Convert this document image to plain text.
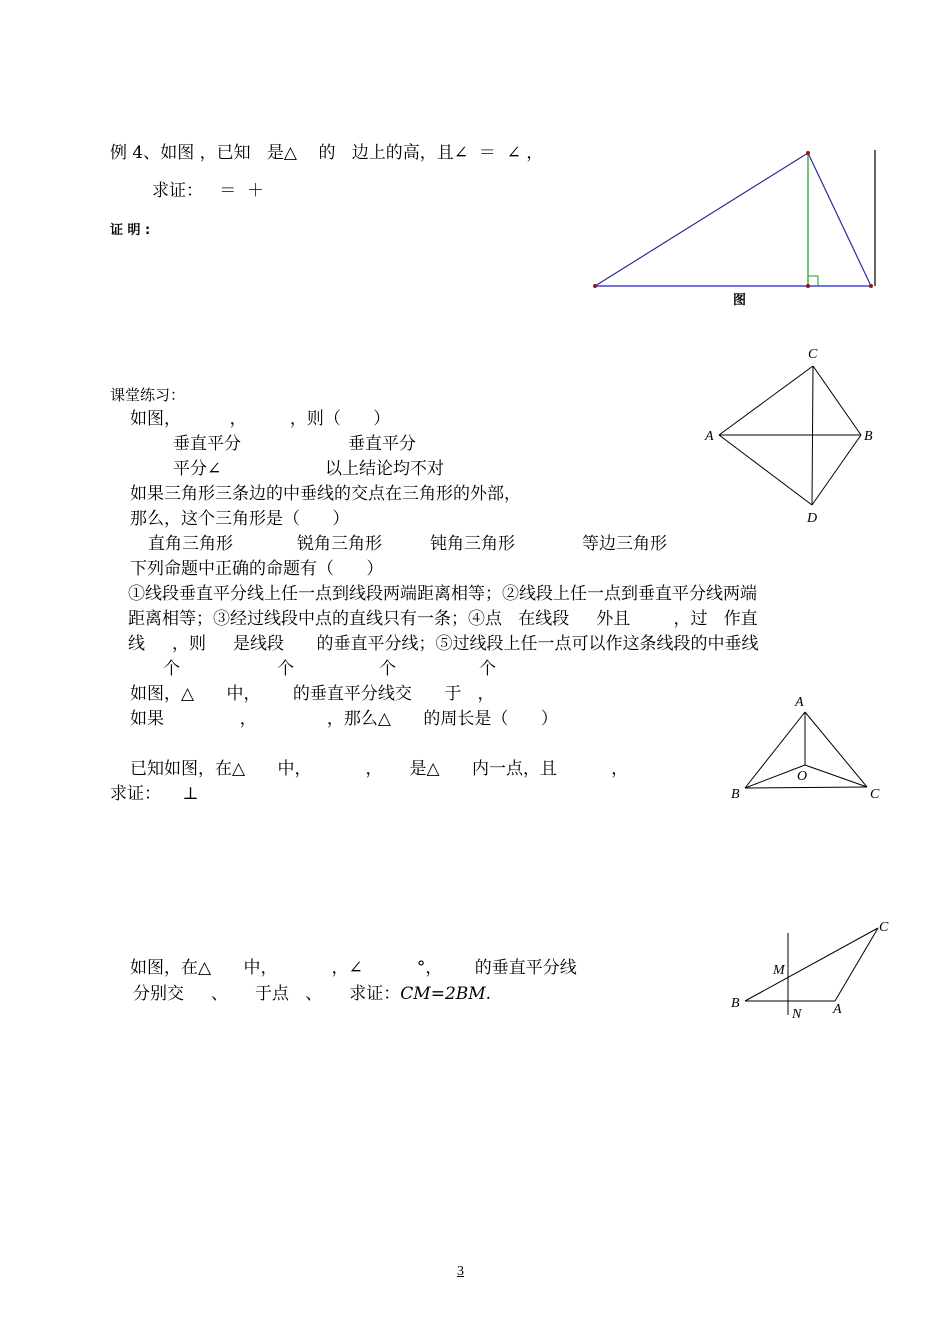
例 4、如图 ，已知   是△    的   边上的高，且∠  ＝  ∠ ，
求证：   ＝  ＋
证 明 :
图
课堂练习：
如图，         ，        ，则（      ）
垂直平分	垂直平分
平分∠	以上结论均不对
如果三角形三条边的中垂线的交点在三角形的外部，
那么，这个三角形是（      ）
直角三角形	锐角三角形	钝角三角形	等边三角形
下列命题中正确的命题有（      ）
①线段垂直平分线上任一点到线段两端距离相等；②线段上任一点到垂直平分线两端
距离相等；③经过线段中点的直线只有一条；④点   在线段     外且        ，过   作直
线     ，则     是线段      的垂直平分线；⑤过线段上任一点可以作这条线段的中垂线
个	个	个	个
如图，△      中，      的垂直平分线交      于   ，
如果              ，             ，那么△      的周长是（      ）
已知如图，在△      中，          ，     是△      内一点，且          ，
求证：    ⊥
如图，在△      中，          ，∠          °，      的垂直平分线
分别交     、     于点   、     求证：CM=2BM.
C
A	B
D
A
B	C
O
C
M
B
N A
3
